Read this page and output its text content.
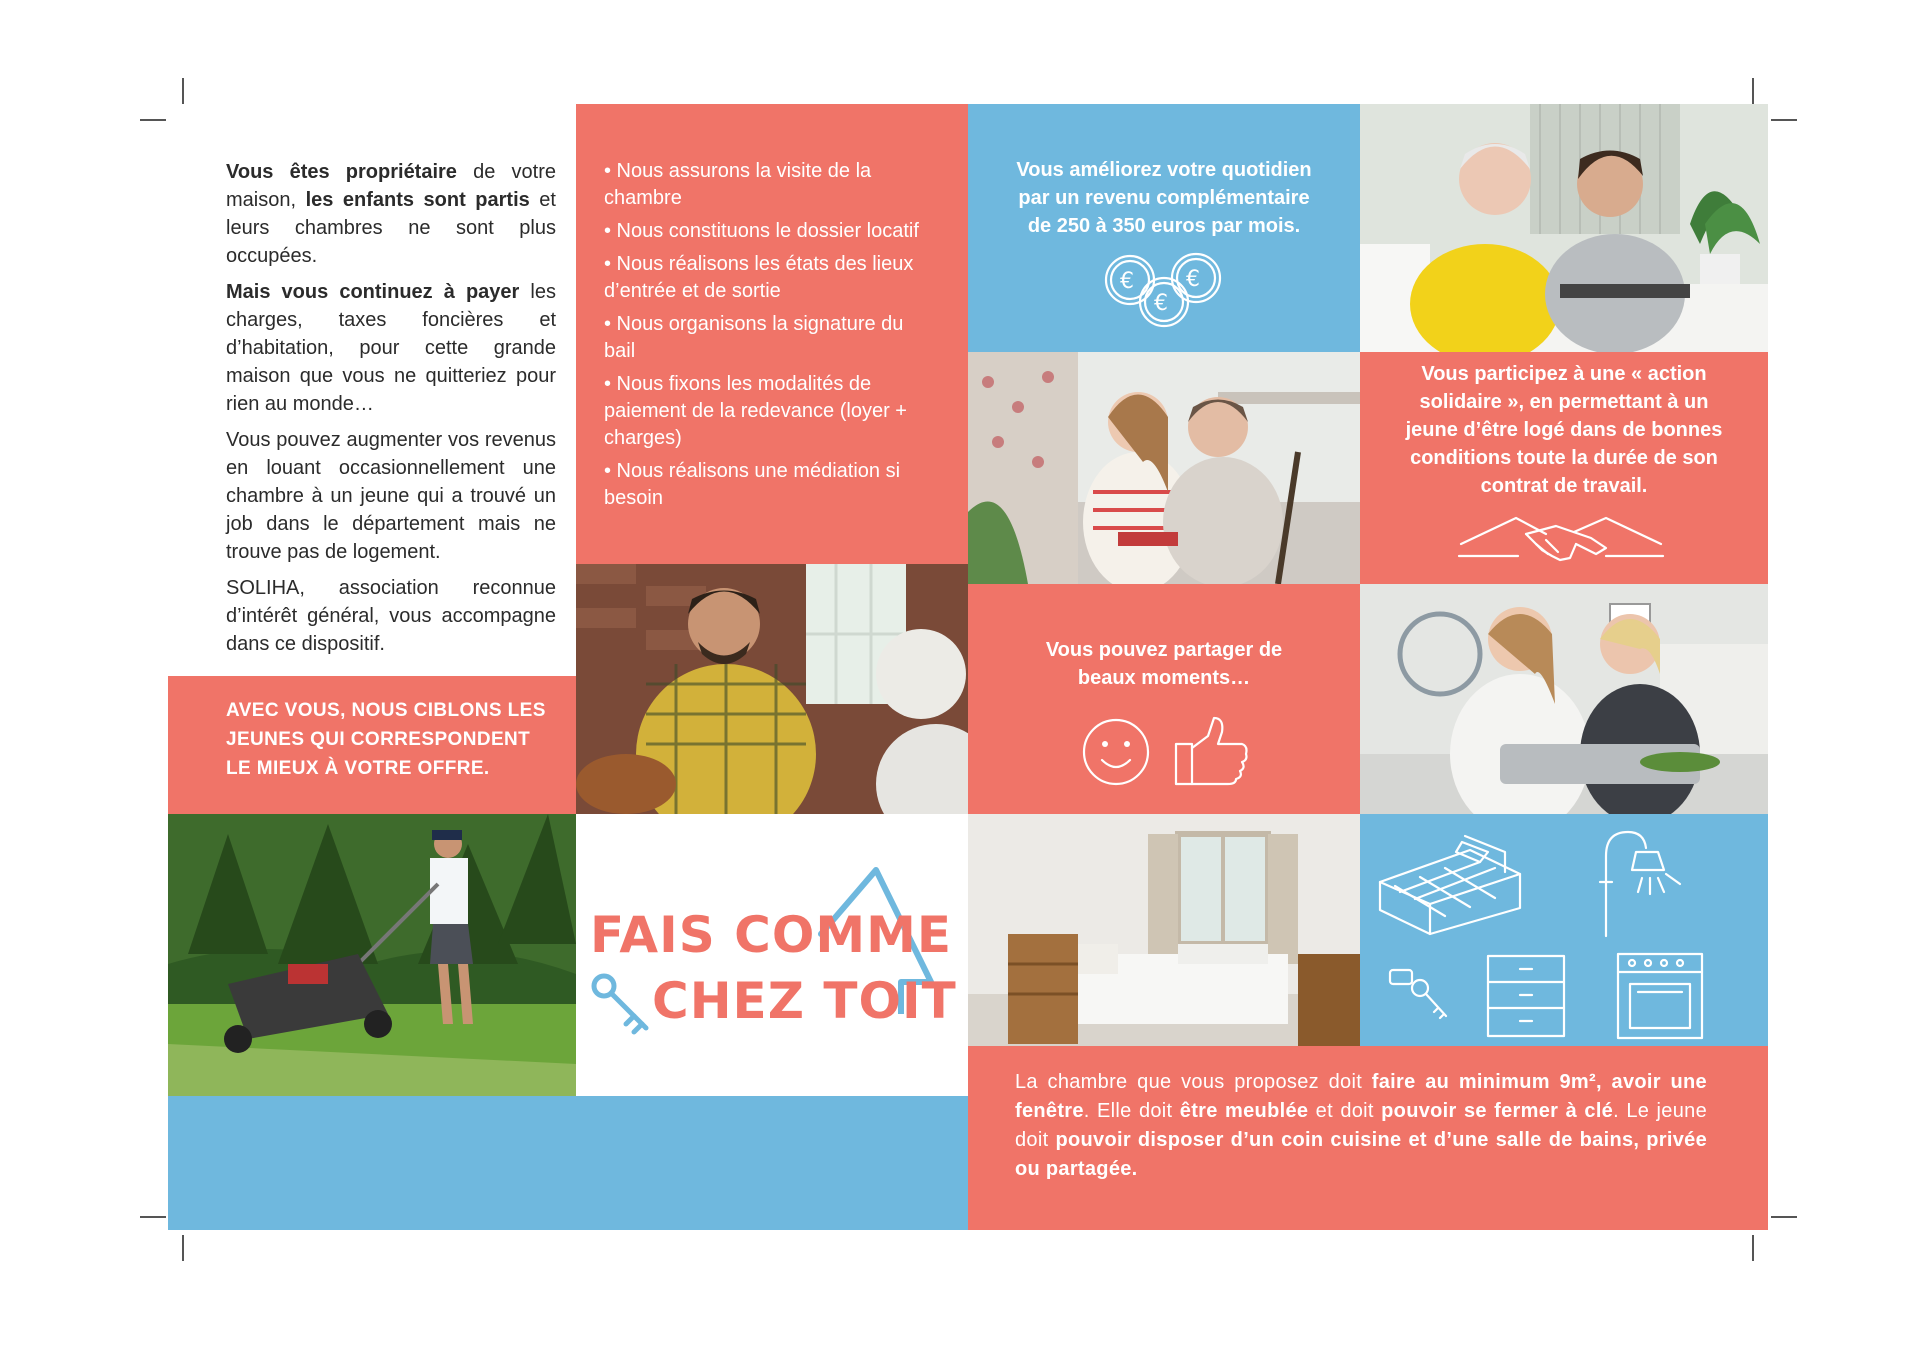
Vous êtes propriétaire de votre maison, les enfants sont partis et leurs chambres ne sont plus occupées.

Mais vous continuez à payer les charges, taxes foncières et d’habitation, pour cette grande maison que vous ne quitteriez pour rien au monde…

Vous pouvez augmenter vos revenus en louant occasionnellement une chambre à un jeune qui a trouvé un job dans le département mais ne trouve pas de logement.

SOLIHA, association reconnue d’intérêt général, vous accompagne dans ce dispositif.

AVEC VOUS, NOUS CIBLONS LES JEUNES QUI CORRESPONDENT LE MIEUX À VOTRE OFFRE.
• Nous assurons la visite de la chambre
• Nous constituons le dossier locatif
• Nous réalisons les états des lieux d’entrée et de sortie
• Nous organisons la signature du bail
• Nous fixons les modalités de paiement de la redevance (loyer + charges)
• Nous réalisons une médiation si besoin
Vous améliorez votre quotidien par un revenu complémentaire de 250 à 350 euros par mois.
€ €
€
Vous participez à une « action solidaire », en permettant à un jeune d’être logé dans de bonnes conditions toute la durée de son contrat de travail.
Vous pouvez partager de beaux moments…
FAIS COMME
CHEZ TOIT
La chambre que vous proposez doit faire au minimum 9m², avoir une fenêtre. Elle doit être meublée et doit pouvoir se fermer à clé. Le jeune doit pouvoir disposer d’un coin cuisine et d’une salle de bains, privée ou partagée.
